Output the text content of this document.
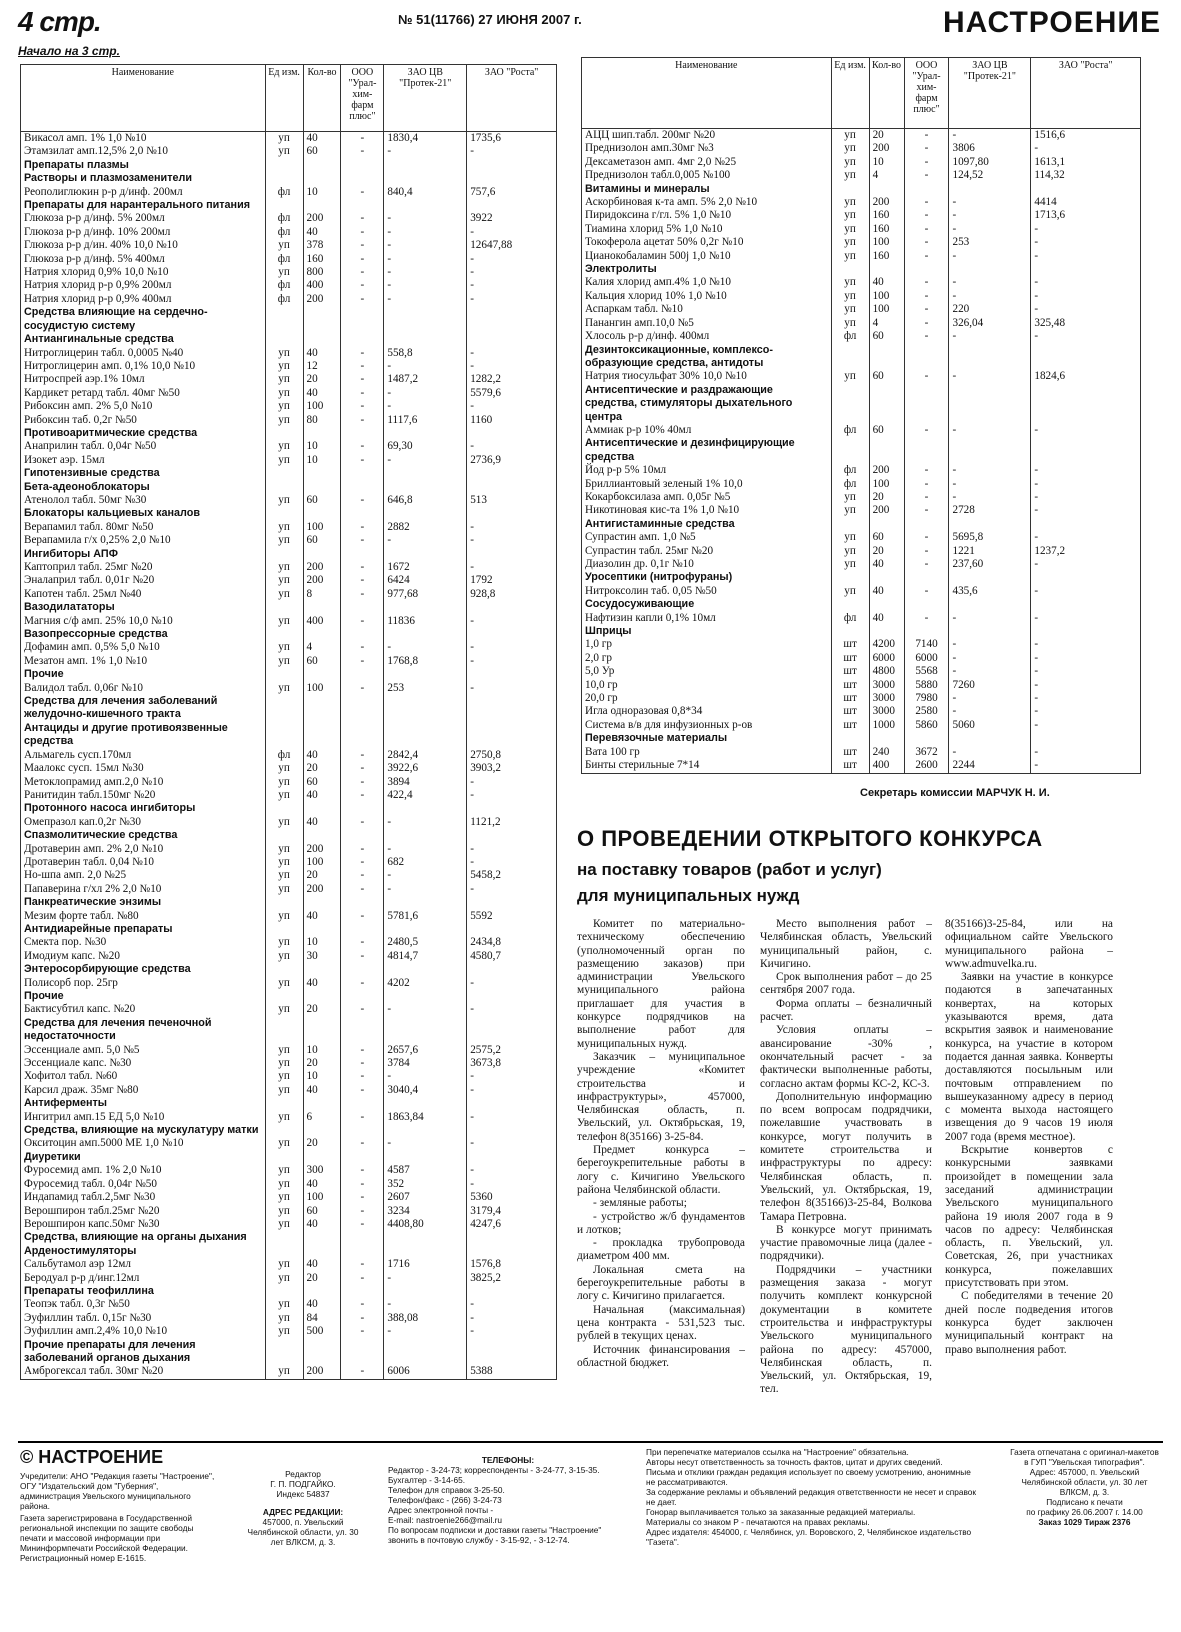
4 стр.	№ 51(11766) 27 ИЮНЯ 2007 г.	НАСТРОЕНИЕ
Начало на 3 стр.
Наименование	Ед изм.	Кол-во	ООО "Урал-хим-фарм плюс"	ЗАО ЦВ "Протек-21"	ЗАО "Роста"
Викасол амп. 1% 1,0 №10	уп	40	-	1830,4	1735,6
Этамзилат амп.12,5% 2,0 №10	уп	60	-	-	-
Препараты плазмы					
Растворы и плазмозаменители					
Реополиглюкин р-р д/инф. 200мл	фл	10	-	840,4	757,6
Препараты для нарантерального питания					
Глюкоза р-р д/инф. 5% 200мл	фл	200	-	-	3922
Глюкоза р-р д/инф. 10% 200мл	фл	40	-	-	-
Глюкоза р-р д/ин. 40% 10,0 №10	уп	378	-	-	12647,88
Глюкоза р-р д/инф. 5% 400мл	фл	160	-	-	-
Натрия хлорид 0,9% 10,0 №10	уп	800	-	-	-
Натрия хлорид р-р 0,9% 200мл	фл	400	-	-	-
Натрия хлорид р-р 0,9% 400мл	фл	200	-	-	-
Средства влияющие на сердечно-сосудистую систему					
Антиангинальные средства					
Нитроглицерин табл. 0,0005 №40	уп	40	-	558,8	-
Нитроглицерин амп. 0,1% 10,0 №10	уп	12	-	-	-
Нитроспрей аэр.1% 10мл	уп	20	-	1487,2	1282,2
Кардикет ретард табл. 40мг №50	уп	40	-	-	5579,6
Рибоксин амп. 2% 5,0 №10	уп	100	-	-	-
Рибоксин таб. 0,2г №50	уп	80	-	1117,6	1160
Противоаритмические средства					
Анаприлин табл. 0,04г №50	уп	10	-	69,30	-
Изокет аэр. 15мл	уп	10	-	-	2736,9
Гипотензивные средства					
Бета-адеоноблокаторы					
Атенолол табл. 50мг №30	уп	60	-	646,8	513
Блокаторы кальциевых каналов					
Верапамил табл. 80мг №50	уп	100	-	2882	-
Верапамила г/х 0,25% 2,0 №10	уп	60	-	-	-
Ингибиторы АПФ					
Каптоприл табл. 25мг №20	уп	200	-	1672	-
Эналаприл табл. 0,01г №20	уп	200	-	6424	1792
Капотен табл. 25мл №40	уп	8	-	977,68	928,8
Вазодилататоры					
Магния с/ф амп. 25% 10,0 №10	уп	400	-	11836	-
Вазопрессорные средства					
Дофамин амп. 0,5% 5,0 №10	уп	4	-	-	-
Мезатон амп. 1% 1,0 №10	уп	60	-	1768,8	-
Прочие					
Валидол табл. 0,06г №10	уп	100	-	253	-
Средства для лечения заболеваний желудочно-кишечного тракта					
Антациды и другие противоязвенные средства					
Альмагель сусп.170мл	фл	40	-	2842,4	2750,8
Маалокс сусп. 15мл №30	уп	20	-	3922,6	3903,2
Метоклопрамид амп.2,0 №10	уп	60	-	3894	-
Ранитидин табл.150мг №20	уп	40	-	422,4	-
Протонного насоса ингибиторы					
Омепразол кап.0,2г №30	уп	40	-	-	1121,2
Спазмолитические средства					
Дротаверин амп. 2% 2,0 №10	уп	200	-	-	-
Дротаверин табл. 0,04 №10	уп	100	-	682	-
Но-шпа амп. 2,0 №25	уп	20	-	-	5458,2
Папаверина г/хл 2% 2,0 №10	уп	200	-	-	-
Панкреатические энзимы					
Мезим форте табл. №80	уп	40	-	5781,6	5592
Антидиарейные препараты					
Смекта пор. №30	уп	10	-	2480,5	2434,8
Имодиум капс. №20	уп	30	-	4814,7	4580,7
Энтеросорбирующие средства					
Полисорб пор. 25гр	уп	40	-	4202	-
Прочие					
Бактисубтил капс. №20	уп	20	-	-	-
Средства для лечения печеночной недостаточности					
Эссенциале амп. 5,0 №5	уп	10	-	2657,6	2575,2
Эссенциале капс. №30	уп	20	-	3784	3673,8
Хофитол табл. №60	уп	10	-	-	-
Карсил драж. 35мг №80	уп	40	-	3040,4	-
Антиферменты					
Ингитрил амп.15 ЕД 5,0 №10	уп	6	-	1863,84	-
Средства, влияющие на мускулатуру матки					
Окситоцин амп.5000 МЕ 1,0 №10	уп	20	-	-	-
Диуретики					
Фуросемид амп. 1% 2,0 №10	уп	300	-	4587	-
Фуросемид табл. 0,04г №50	уп	40	-	352	-
Индапамид табл.2,5мг №30	уп	100	-	2607	5360
Верошпирон табл.25мг №20	уп	60	-	3234	3179,4
Верошпирон капс.50мг №30	уп	40	-	4408,80	4247,6
Средства, влияющие на органы дыхания					
Арденостимуляторы					
Сальбутамол аэр 12мл	уп	40	-	1716	1576,8
Беродуал р-р д/инг.12мл	уп	20	-	-	3825,2
Препараты теофиллина					
Теопэк табл. 0,3г №50	уп	40	-	-	-
Эуфиллин табл. 0,15г №30	уп	84	-	388,08	-
Эуфиллин амп.2,4% 10,0 №10	уп	500	-	-	-
Прочие препараты для лечения заболеваний органов дыхания					
Амброгексал табл. 30мг №20	уп	200	-	6006	5388
Наименование	Ед изм.	Кол-во	ООО "Урал-хим-фарм плюс"	ЗАО ЦВ "Протек-21"	ЗАО "Роста"
АЦЦ шип.табл. 200мг №20	уп	20	-	-	1516,6
Преднизолон амп.30мг №3	уп	200	-	3806	-
Дексаметазон амп. 4мг 2,0 №25	уп	10	-	1097,80	1613,1
Преднизолон табл.0,005 №100	уп	4	-	124,52	114,32
Витамины и минералы					
Аскорбиновая к-та амп. 5% 2,0 №10	уп	200	-	-	4414
Пиридоксина г/гл. 5% 1,0 №10	уп	160	-	-	1713,6
Тиамина хлорид 5% 1,0 №10	уп	160	-	-	-
Токоферола ацетат 50% 0,2г №10	уп	100	-	253	-
Цианокобаламин 500j 1,0 №10	уп	160	-	-	-
Электролиты					
Калия хлорид амп.4% 1,0 №10	уп	40	-	-	-
Кальция хлорид 10% 1,0 №10	уп	100	-	-	-
Аспаркам табл. №10	уп	100	-	220	-
Панангин амп.10,0 №5	уп	4	-	326,04	325,48
Хлосоль р-р д/инф. 400мл	фл	60	-	-	-
Дезинтоксикационные, комплексо-образующие средства, антидоты					
Натрия тиосульфат 30% 10,0 №10	уп	60	-	-	1824,6
Антисептические и раздражающие средства, стимуляторы дыхательного центра					
Аммиак р-р 10% 40мл	фл	60	-	-	-
Антисептические и дезинфицирующие средства					
Йод р-р 5% 10мл	фл	200	-	-	-
Бриллиантовый зеленый 1% 10,0	фл	100	-	-	-
Кокарбоксилаза амп. 0,05г №5	уп	20	-	-	-
Никотиновая кис-та 1% 1,0 №10	уп	200	-	2728	-
Антигистаминные средства					
Супрастин амп. 1,0 №5	уп	60	-	5695,8	-
Супрастин табл. 25мг №20	уп	20	-	1221	1237,2
Диазолин др. 0,1г №10	уп	40	-	237,60	-
Уросептики (нитрофураны)					
Нитроксолин таб. 0,05 №50	уп	40	-	435,6	-
Сосудосуживающие					
Нафтизин капли 0,1% 10мл	фл	40	-	-	-
Шприцы					
1,0 гр	шт	4200	7140	-	-
2,0 гр	шт	6000	6000	-	-
5,0 Ур	шт	4800	5568	-	-
10,0 гр	шт	3000	5880	7260	-
20,0 гр	шт	3000	7980	-	-
Игла одноразовая 0,8*34	шт	3000	2580	-	-
Система в/в для инфузионных р-ов	шт	1000	5860	5060	-
Перевязочные материалы					
Вата 100 гр	шт	240	3672	-	-
Бинты стерильные 7*14	шт	400	2600	2244	-
Секретарь комиссии МАРЧУК Н. И.
О ПРОВЕДЕНИИ ОТКРЫТОГО КОНКУРСА
на поставку товаров (работ и услуг)
для муниципальных нужд

Комитет по материально-техническому обеспечению (уполномоченный орган по размещению заказов) при администрации Увельского муниципального района приглашает для участия в конкурсе подрядчиков на выполнение работ для муниципальных нужд.

Заказчик – муниципальное учреждение «Комитет строительства и инфраструктуры», 457000, Челябинская область, п. Увельский, ул. Октябрьская, 19, телефон 8(35166) 3-25-84.

Предмет конкурса – берегоукрепительные работы в логу с. Кичигино Увельского района Челябинской области.

- земляные работы;

- устройство ж/б фундаментов и лотков;

- прокладка трубопровода диаметром 400 мм.

Локальная смета на берегоукрепительные работы в логу с. Кичигино прилагается.

Начальная (максимальная) цена контракта - 531,523 тыс. рублей в текущих ценах.

Источник финансирования – областной бюджет.

Место выполнения работ – Челябинская область, Увельский муниципальный район, с. Кичигино.

Срок выполнения работ – до 25 сентября 2007 года.

Форма оплаты – безналичный расчет.

Условия оплаты – авансирование -30% , окончательный расчет - за фактически выполненные работы, согласно актам формы КС-2, КС-3.

Дополнительную информацию по всем вопросам подрядчики, пожелавшие участвовать в конкурсе, могут получить в комитете строительства и инфраструктуры по адресу: Челябинская область, п. Увельский, ул. Октябрьская, 19, телефон 8(35166)3-25-84, Волкова Тамара Петровна.

В конкурсе могут принимать участие правомочные лица (далее - подрядчики).

Подрядчики – участники размещения заказа - могут получить комплект конкурсной документации в комитете строительства и инфраструктуры Увельского муниципального района по адресу: 457000, Челябинская область, п. Увельский, ул. Октябрьская, 19, тел.

8(35166)3-25-84, или на официальном сайте Увельского муниципального района – www.admuvelka.ru.

Заявки на участие в конкурсе подаются в запечатанных конвертах, на которых указываются время, дата вскрытия заявок и наименование конкурса, на участие в котором подается данная заявка. Конверты доставляются посыльным или почтовым отправлением по вышеуказанному адресу в период с момента выхода настоящего извещения до 9 часов 19 июля 2007 года (время местное).

Вскрытие конвертов с конкурсными заявками произойдет в помещении зала заседаний администрации Увельского муниципального района 19 июля 2007 года в 9 часов по адресу: Челябинская область, п. Увельский, ул. Советская, 26, при участниках конкурса, пожелавших присутствовать при этом.

С победителями в течение 20 дней после подведения итогов конкурса будет заключен муниципальный контракт на право выполнения работ.

© НАСТРОЕНИЕ

Учредители: АНО "Редакция газеты "Настроение", ОГУ "Издательский дом "Губерния", администрация Увельского муниципального района.

Газета зарегистрирована в Государственной региональной инспекции по защите свободы печати и массовой информации при Мининформпечати Российской Федерации. Регистрационный номер Е-1615.

Редактор

Г. П. ПОДГАЙКО.

Индекс 54837

АДРЕС РЕДАКЦИИ:

457000, п. Увельский Челябинской области, ул. 30 лет ВЛКСМ, д. 3.

ТЕЛЕФОНЫ:

Редактор - 3-24-73; корреспонденты - 3-24-77, 3-15-35.

Бухгалтер - 3-14-65.

Телефон для справок 3-25-50.

Телефон/факс - (266) 3-24-73

Адрес электронной почты -

E-mail: nastroenie266@mail.ru

По вопросам подписки и доставки газеты "Настроение"

звонить в почтовую службу - 3-15-92, - 3-12-74.

При перепечатке материалов ссылка на "Настроение" обязательна.

Авторы несут ответственность за точность фактов, цитат и других сведений.

Письма и отклики граждан редакция использует по своему усмотрению, анонимные не рассматриваются.

За содержание рекламы и объявлений редакция ответственности не несет и справок не дает.

Гонорар выплачивается только за заказанные редакцией материалы.

Материалы со знаком Р - печатаются на правах рекламы.

Адрес издателя: 454000, г. Челябинск, ул. Воровского, 2, Челябинское издательство "Газета".

Газета отпечатана с оригинал-макетов в ГУП "Увельская типография".

Адрес: 457000, п. Увельский Челябинской области, ул. 30 лет ВЛКСМ, д. 3.

Подписано к печати

по графику 26.06.2007 г. 14.00

Заказ 1029 Тираж 2376
